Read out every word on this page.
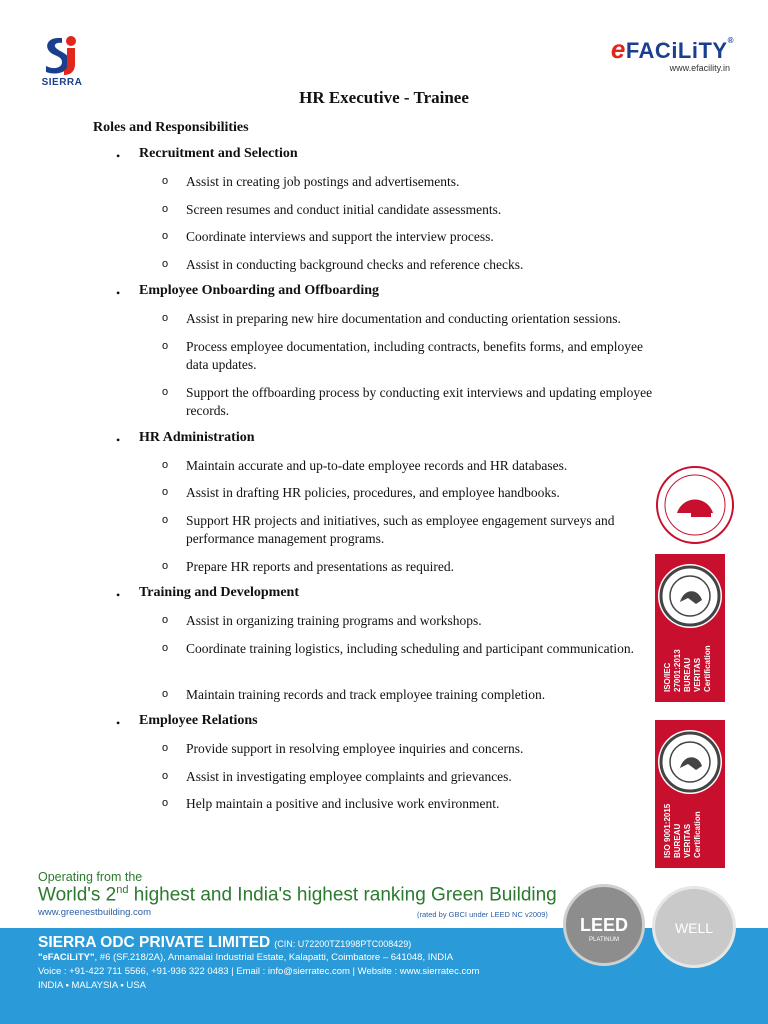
SIERRA
eFACiLiTY®
www.efacility.in
HR Executive - Trainee
Roles and Responsibilities
• Recruitment and Selection
o Assist in creating job postings and advertisements.
o Screen resumes and conduct initial candidate assessments.
o Coordinate interviews and support the interview process.
o Assist in conducting background checks and reference checks.
• Employee Onboarding and Offboarding
o Assist in preparing new hire documentation and conducting orientation sessions.
o Process employee documentation, including contracts, benefits forms, and employee data updates.
o Support the offboarding process by conducting exit interviews and updating employee records.
• HR Administration
o Maintain accurate and up-to-date employee records and HR databases.
o Assist in drafting HR policies, procedures, and employee handbooks.
o Support HR projects and initiatives, such as employee engagement surveys and performance management programs.
o Prepare HR reports and presentations as required.
• Training and Development
o Assist in organizing training programs and workshops.
o Coordinate training logistics, including scheduling and participant communication.
o Maintain training records and track employee training completion.
• Employee Relations
o Provide support in resolving employee inquiries and concerns.
o Assist in investigating employee complaints and grievances.
o Help maintain a positive and inclusive work environment.
ISO/IEC 27001:2013 BUREAU VERITAS Certification
ISO 9001:2015 BUREAU VERITAS Certification
Operating from the
World's 2nd highest and India's highest ranking Green Building
www.greenestbuilding.com	(rated by GBCI under LEED NC v2009)
SIERRA ODC PRIVATE LIMITED (CIN: U72200TZ1998PTC008429)
"eFACiLiTY", #6 (SF.218/2A), Annamalai Industrial Estate, Kalapatti, Coimbatore – 641048, INDIA
Voice : +91-422 711 5566, +91-936 322 0483 | Email : info@sierratec.com | Website : www.sierratec.com
INDIA ▪ MALAYSIA ▪ USA
LEED
PLATINUM
WELL
